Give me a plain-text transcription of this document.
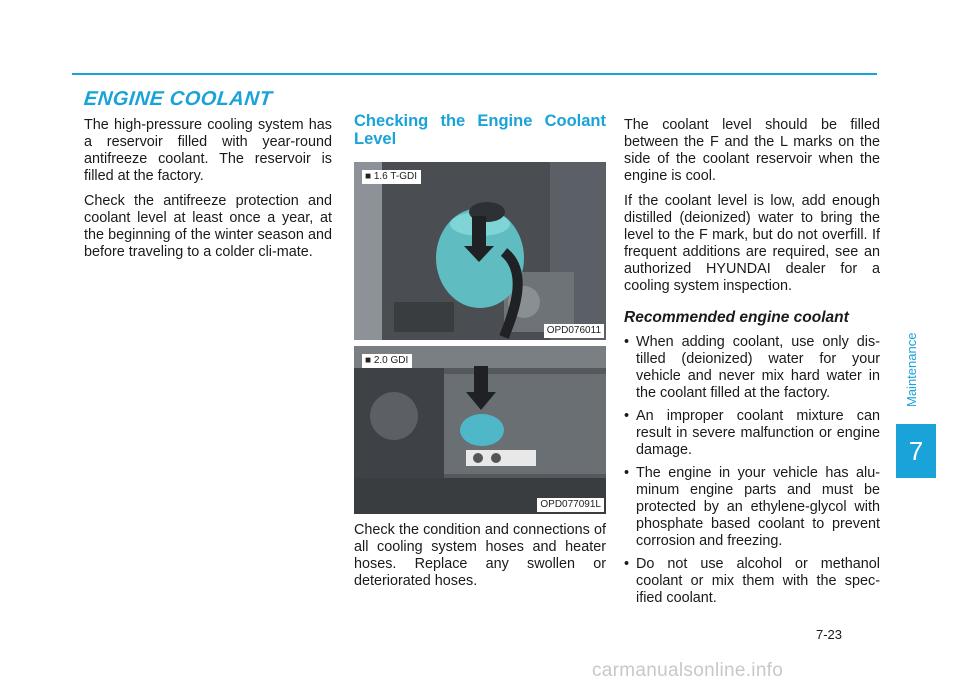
ENGINE COOLANT

The high-pressure cooling system has a reservoir filled with year-round antifreeze coolant. The reservoir is filled at the factory.

Check the antifreeze protection and coolant level at least once a year, at the beginning of the winter season and before traveling to a colder cli-mate.

Checking the Engine Coolant Level
■ 1.6 T-GDI
OPD076011
■ 2.0 GDI
OPD077091L

Check the condition and connections of all cooling system hoses and heater hoses. Replace any swollen or deteriorated hoses.

The coolant level should be filled between the F and the L marks on the side of the coolant reservoir when the engine is cool.

If the coolant level is low, add enough distilled (deionized) water to bring the level to the F mark, but do not overfill. If frequent additions are required, see an authorized HYUNDAI dealer for a cooling system inspection.

Recommended engine coolant
• When adding coolant, use only dis-tilled (deionized) water for your vehicle and never mix hard water in the coolant filled at the factory.
• An improper coolant mixture can result in severe malfunction or engine damage.
• The engine in your vehicle has alu-minum engine parts and must be protected by an ethylene-glycol with phosphate based coolant to prevent corrosion and freezing.
• Do not use alcohol or methanol coolant or mix them with the spec-ified coolant.
Maintenance
7
7-23
carmanualsonline.info
